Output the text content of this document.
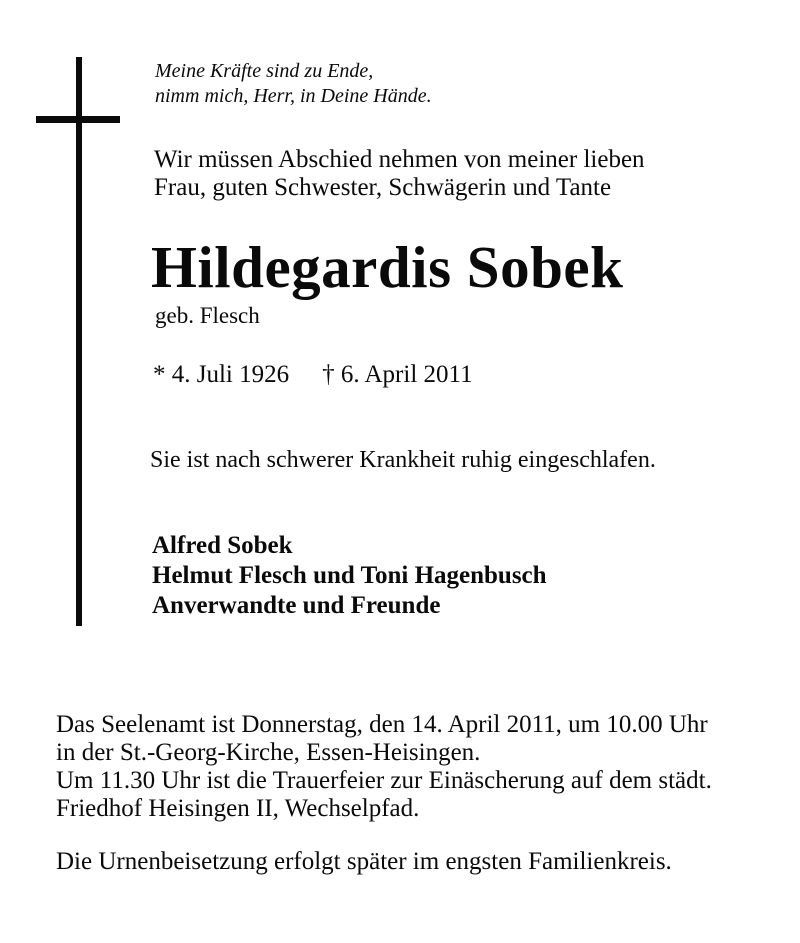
Meine Kräfte sind zu Ende,
nimm mich, Herr, in Deine Hände.
Wir müssen Abschied nehmen von meiner lieben
Frau, guten Schwester, Schwägerin und Tante
Hildegardis Sobek
geb. Flesch
* 4. Juli 1926 † 6. April 2011
Sie ist nach schwerer Krankheit ruhig eingeschlafen.
Alfred Sobek
Helmut Flesch und Toni Hagenbusch
Anverwandte und Freunde
Das Seelenamt ist Donnerstag, den 14. April 2011, um 10.00 Uhr
in der St.-Georg-Kirche, Essen-Heisingen.
Um 11.30 Uhr ist die Trauerfeier zur Einäscherung auf dem städt.
Friedhof Heisingen II, Wechselpfad.
Die Urnenbeisetzung erfolgt später im engsten Familienkreis.
